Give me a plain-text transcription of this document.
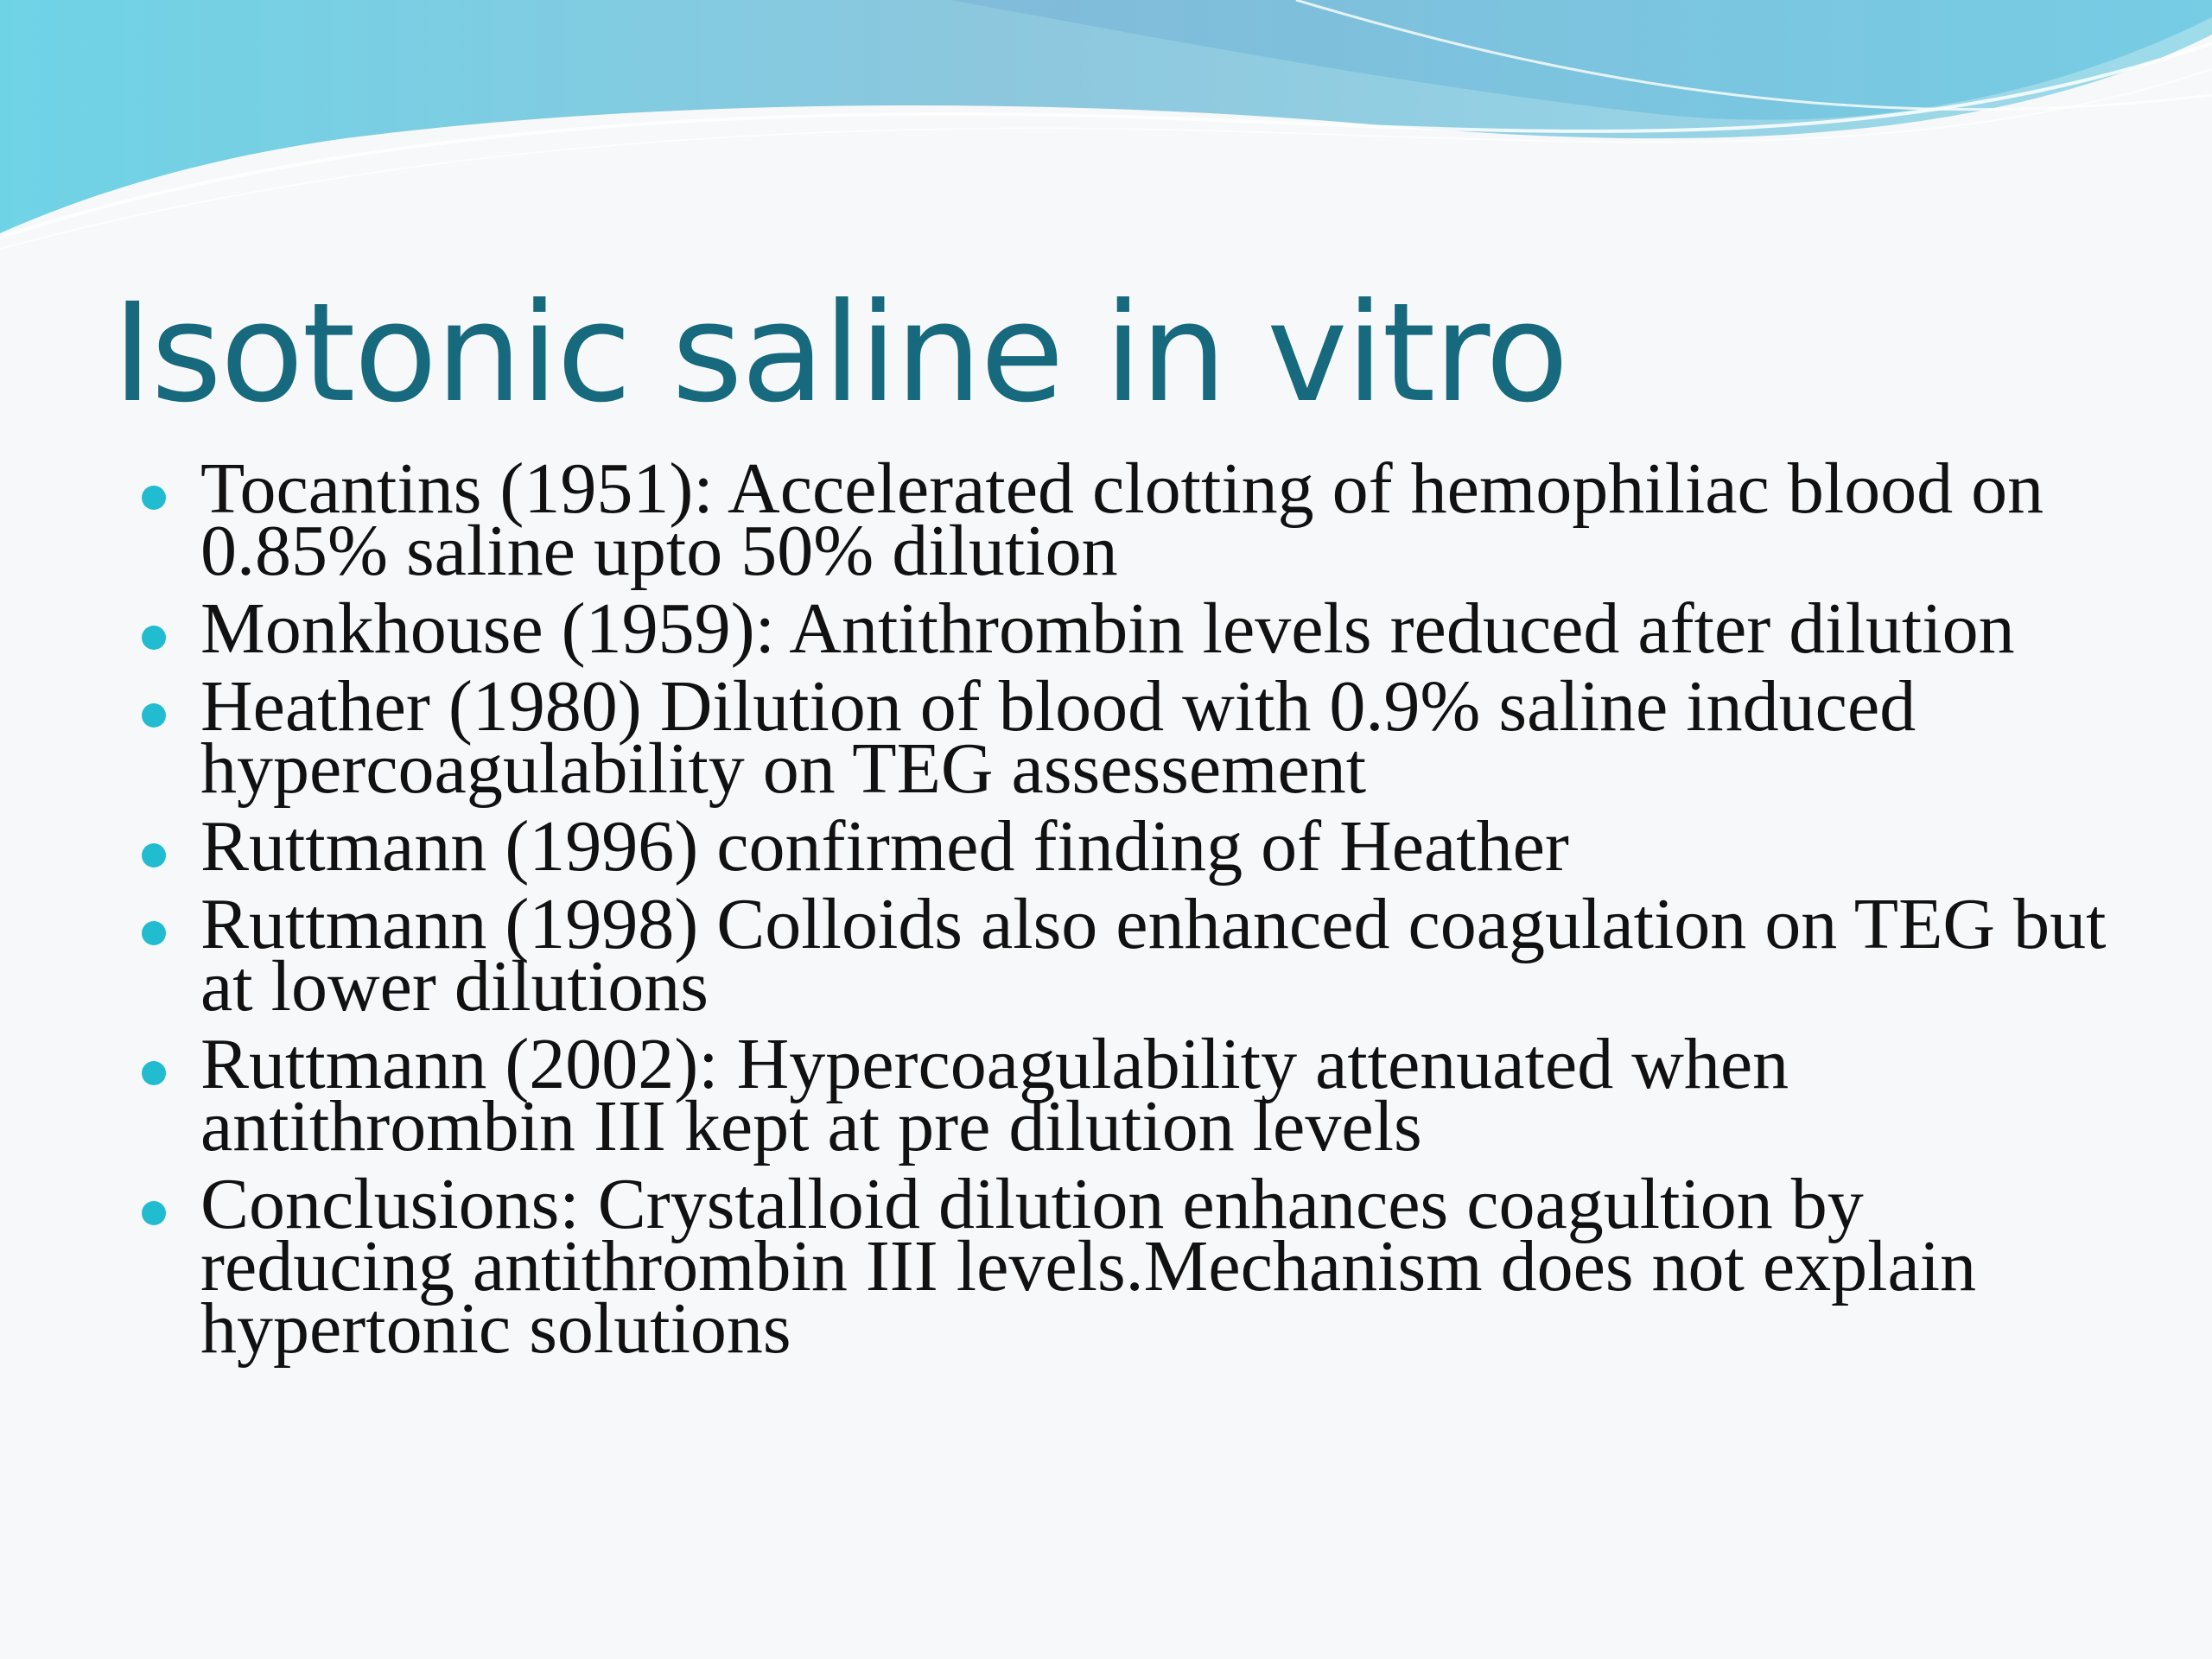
Isotonic saline in vitro
Tocantins (1951): Accelerated clotting of hemophiliac blood on 0.85% saline upto 50% dilution
Monkhouse (1959): Antithrombin levels reduced after dilution
Heather (1980) Dilution of blood with 0.9% saline induced hypercoagulability on TEG assessement
Ruttmann (1996) confirmed finding of Heather
Ruttmann (1998) Colloids also enhanced coagulation on TEG but at lower dilutions
Ruttmann (2002): Hypercoagulability attenuated when antithrombin III kept at pre dilution levels
Conclusions: Crystalloid dilution enhances coagultion by reducing antithrombin III levels.Mechanism does not explain hypertonic solutions
